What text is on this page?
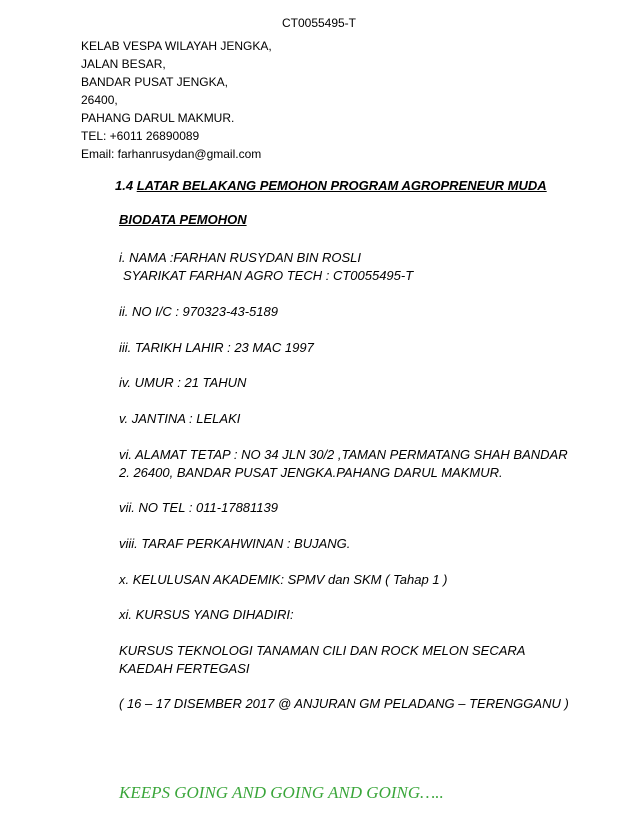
CT0055495-T
KELAB VESPA WILAYAH JENGKA,
JALAN BESAR,
BANDAR PUSAT JENGKA,
26400,
PAHANG DARUL MAKMUR.
TEL: +6011 26890089
Email: farhanrusydan@gmail.com
1.4 LATAR BELAKANG PEMOHON PROGRAM AGROPRENEUR MUDA
BIODATA PEMOHON
i. NAMA :FARHAN RUSYDAN BIN ROSLI
SYARIKAT FARHAN AGRO TECH : CT0055495-T
ii. NO I/C : 970323-43-5189
iii. TARIKH LAHIR : 23 MAC 1997
iv. UMUR : 21 TAHUN
v. JANTINA : LELAKI
vi. ALAMAT TETAP : NO 34 JLN 30/2 ,TAMAN PERMATANG SHAH BANDAR
2. 26400, BANDAR PUSAT JENGKA.PAHANG DARUL MAKMUR.
vii. NO TEL : 011-17881139
viii. TARAF PERKAHWINAN : BUJANG.
x. KELULUSAN AKADEMIK: SPMV dan SKM ( Tahap 1 )
xi. KURSUS YANG DIHADIRI:
KURSUS TEKNOLOGI TANAMAN CILI DAN ROCK MELON SECARA
KAEDAH FERTEGASI
( 16 – 17 DISEMBER 2017 @ ANJURAN GM PELADANG – TERENGGANU )
KEEPS GOING AND GOING AND GOING…..
